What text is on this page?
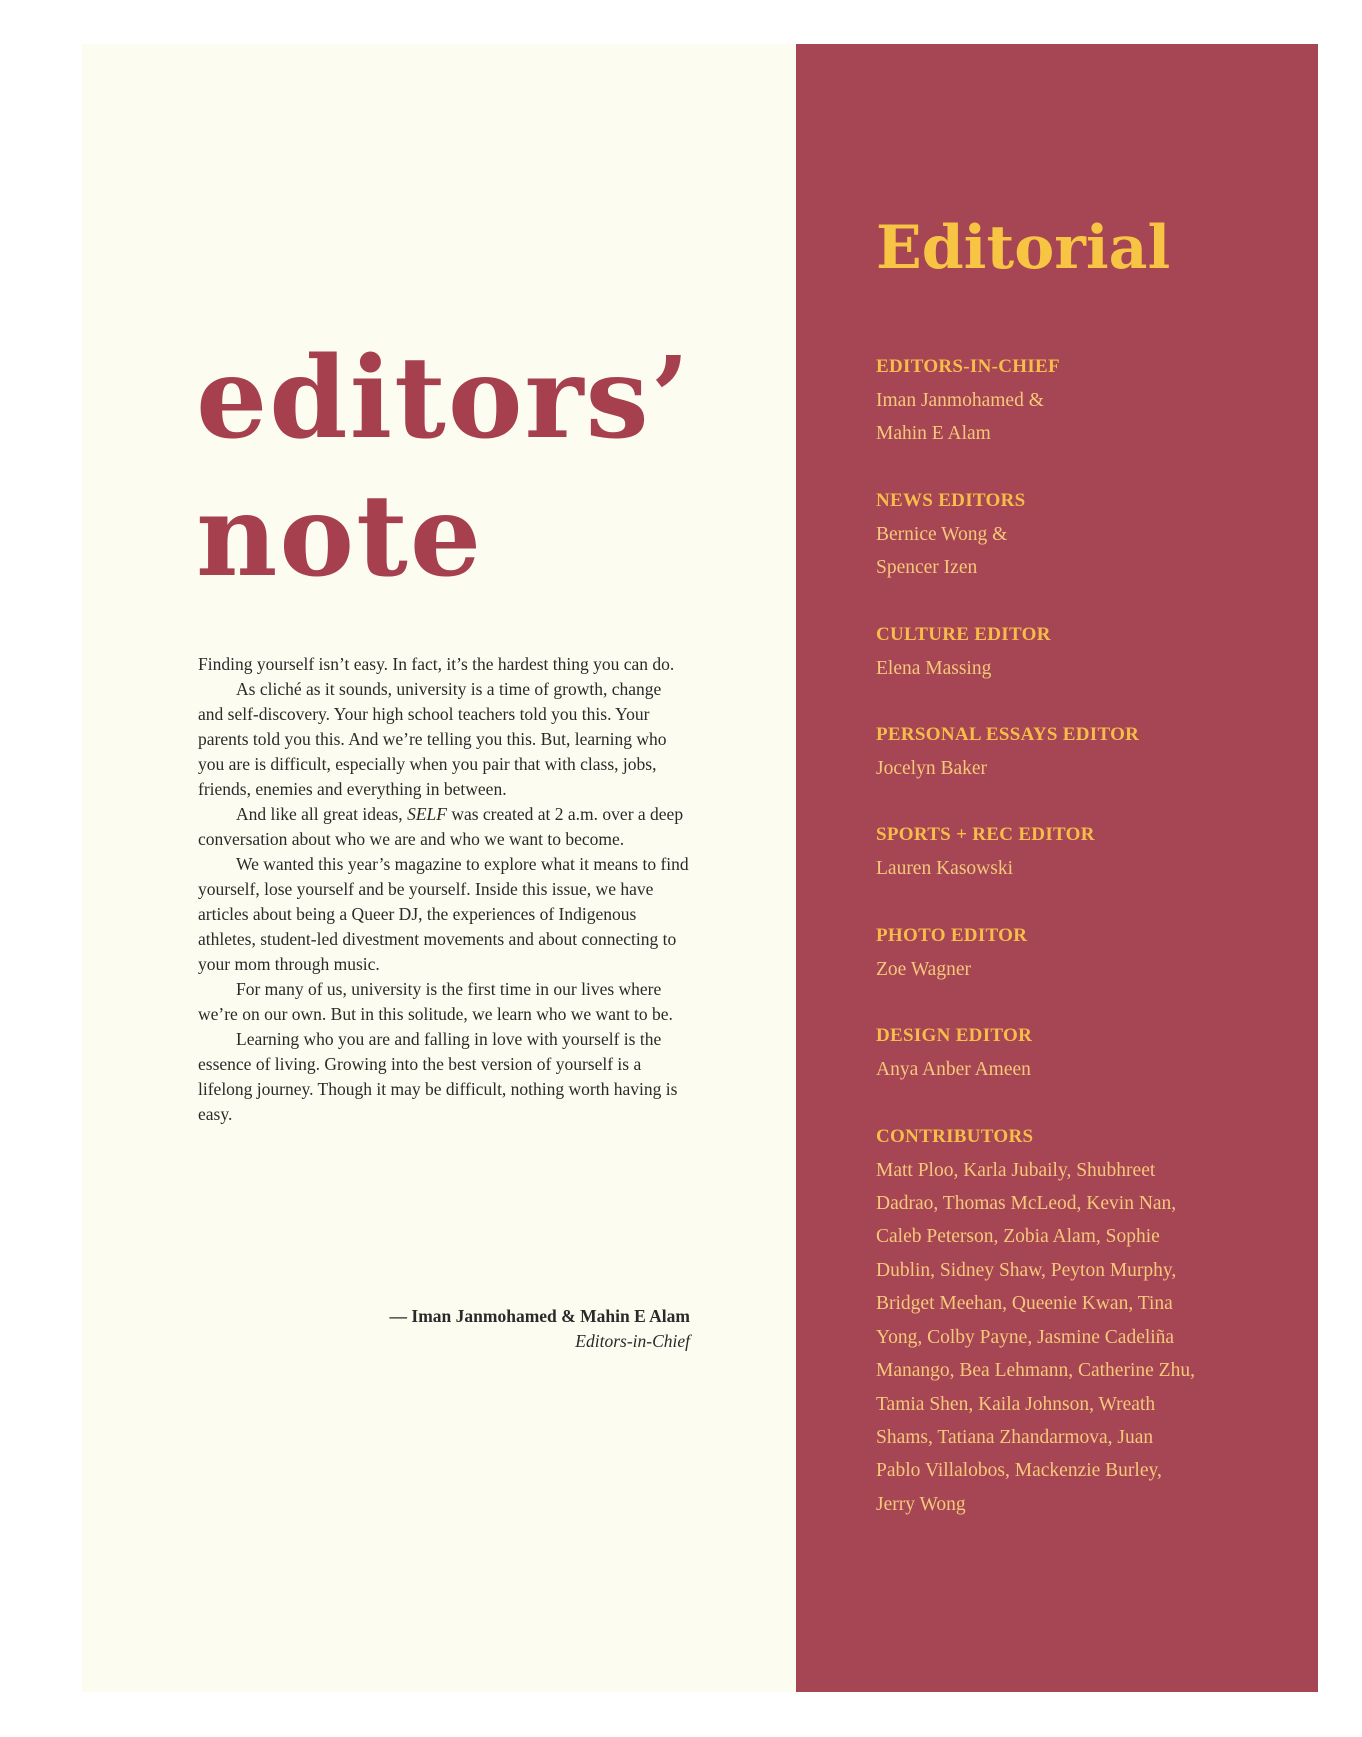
editors’
note

Finding yourself isn’t easy. In fact, it’s the hardest thing you can do.

As cliché as it sounds, university is a time of growth, change and self-discovery. Your high school teachers told you this. Your parents told you this. And we’re telling you this. But, learning who you are is difficult, especially when you pair that with class, jobs, friends, enemies and everything in between.

And like all great ideas, SELF was created at 2 a.m. over a deep conversation about who we are and who we want to become.

We wanted this year’s magazine to explore what it means to find yourself, lose yourself and be yourself. Inside this issue, we have articles about being a Queer DJ, the experiences of Indigenous athletes, student-led divestment movements and about connecting to your mom through music.

For many of us, university is the first time in our lives where we’re on our own. But in this solitude, we learn who we want to be.

Learning who you are and falling in love with yourself is the essence of living. Growing into the best version of yourself is a lifelong journey. Though it may be difficult, nothing worth having is easy.

— Iman Janmohamed & Mahin E Alam
Editors-in-Chief
Editorial
EDITORS-IN-CHIEF
Iman Janmohamed & Mahin E Alam
NEWS EDITORS
Bernice Wong & Spencer Izen
CULTURE EDITOR
Elena Massing
PERSONAL ESSAYS EDITOR
Jocelyn Baker
SPORTS + REC EDITOR
Lauren Kasowski
PHOTO EDITOR
Zoe Wagner
DESIGN EDITOR
Anya Anber Ameen
CONTRIBUTORS
Matt Ploo, Karla Jubaily, Shubhreet Dadrao, Thomas McLeod, Kevin Nan, Caleb Peterson, Zobia Alam, Sophie Dublin, Sidney Shaw, Peyton Murphy, Bridget Meehan, Queenie Kwan, Tina Yong, Colby Payne, Jasmine Cadeliña Manango, Bea Lehmann, Catherine Zhu, Tamia Shen, Kaila Johnson, Wreath Shams, Tatiana Zhandarmova, Juan Pablo Villalobos, Mackenzie Burley, Jerry Wong
